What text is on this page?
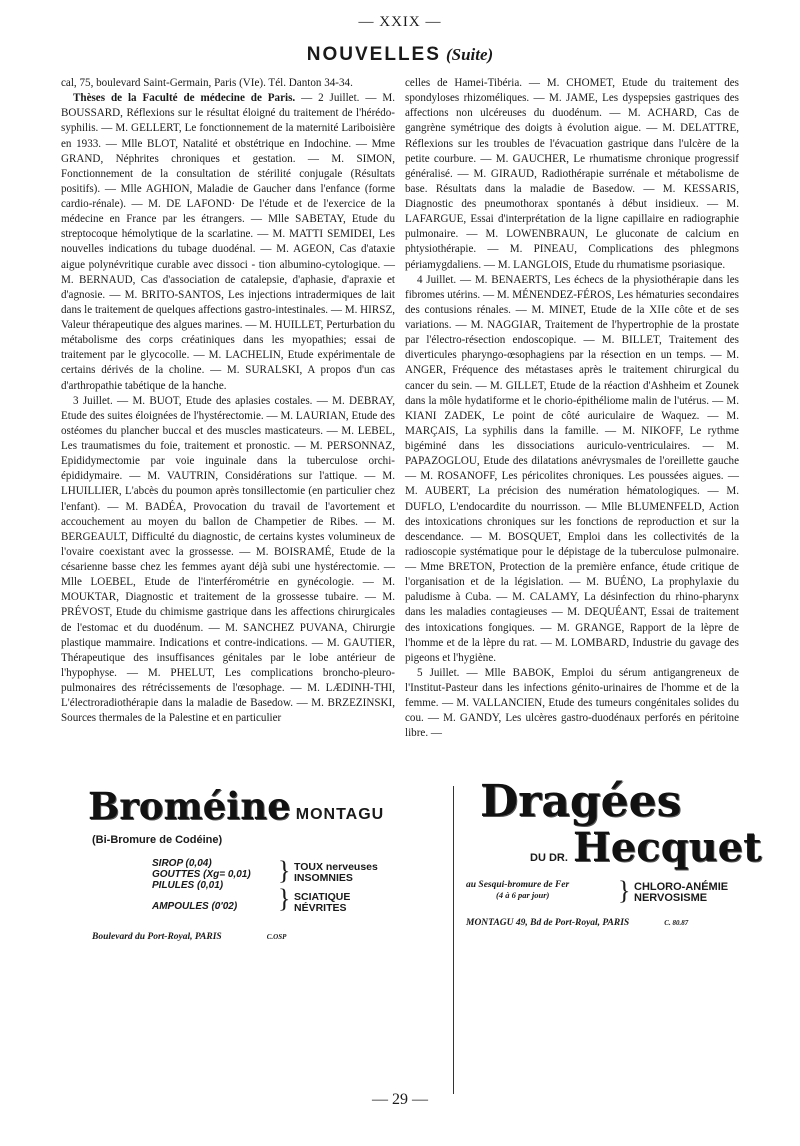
— XXIX —
NOUVELLES (Suite)

cal, 75, boulevard Saint-Germain, Paris (VIe). Tél. Danton 34-34.

Thèses de la Faculté de médecine de Paris. — 2 Juillet. — M. BOUSSARD, Réflexions sur le résultat éloigné du traitement de l'hérédo-syphilis. — M. GELLERT, Le fonctionnement de la maternité Lariboisière en 1933. — Mlle BLOT, Natalité et obstétrique en Indochine. — Mme GRAND, Néphrites chroniques et gestation. — M. SIMON, Fonctionnement de la consultation de stérilité conjugale (Résultats positifs). — Mlle AGHION, Maladie de Gaucher dans l'enfance (forme cardio-rénale). — M. DE LAFOND· De l'étude et de l'exercice de la médecine en France par les étrangers. — Mlle SABETAY, Etude du streptocoque hémolytique de la scarlatine. — M. MATTI SEMIDEI, Les nouvelles indications du tubage duodénal. — M. AGEON, Cas d'ataxie aigue polynévritique curable avec dissoci - tion albumino-cytologique. — M. BERNAUD, Cas d'association de catalepsie, d'aphasie, d'apraxie et d'agnosie. — M. BRITO-SANTOS, Les injections intradermiques de lait dans le traitement de quelques affections gastro-intestinales. — M. HIRSZ, Valeur thérapeutique des algues marines. — M. HUILLET, Perturbation du métabolisme des corps créatiniques dans les myopathies; essai de traitement par le glycocolle. — M. LACHELIN, Etude expérimentale de certains dérivés de la choline. — M. SURALSKI, A propos d'un cas d'arthropathie tabétique de la hanche.

3 Juillet. — M. BUOT, Etude des aplasies costales. — M. DEBRAY, Etude des suites éloignées de l'hystérectomie. — M. LAURIAN, Etude des ostéomes du plancher buccal et des muscles masticateurs. — M. LEBEL, Les traumatismes du foie, traitement et pronostic. — M. PERSONNAZ, Epididymectomie par voie inguinale dans la tuberculose orchi-épididymaire. — M. VAUTRIN, Considérations sur l'attique. — M. LHUILLIER, L'abcès du poumon après tonsillectomie (en particulier chez l'enfant). — M. BADÉA, Provocation du travail de l'avortement et accouchement au moyen du ballon de Champetier de Ribes. — M. BERGEAULT, Difficulté du diagnostic, de certains kystes volumineux de l'ovaire coexistant avec la grossesse. — M. BOISRAMÉ, Etude de la césarienne basse chez les femmes ayant déjà subi une hystérectomie. — Mlle LOEBEL, Etude de l'interférométrie en gynécologie. — M. MOUKTAR, Diagnostic et traitement de la grossesse tubaire. — M. PRÉVOST, Etude du chimisme gastrique dans les affections chirurgicales de l'estomac et du duodénum. — M. SANCHEZ PUVANA, Chirurgie plastique mammaire. Indications et contre-indications. — M. GAUTIER, Thérapeutique des insuffisances génitales par le lobe antérieur de l'hypophyse. — M. PHELUT, Les complications broncho-pleuro-pulmonaires des rétrécissements de l'œsophage. — M. LÆDINH-THI, L'électroradiothérapie dans la maladie de Basedow. — M. BRZEZINSKI, Sources thermales de la Palestine et en particulier

celles de Hamei-Tibéria. — M. CHOMET, Etude du traitement des spondyloses rhizoméliques. — M. JAME, Les dyspepsies gastriques des affections non ulcéreuses du duodénum. — M. ACHARD, Cas de gangrène symétrique des doigts à évolution aigue. — M. DELATTRE, Réflexions sur les troubles de l'évacuation gastrique dans l'ulcère de la petite courbure. — M. GAUCHER, Le rhumatisme chronique progressif généralisé. — M. GIRAUD, Radiothérapie surrénale et métabolisme de base. Résultats dans la maladie de Basedow. — M. KESSARIS, Diagnostic des pneumothorax spontanés à début insidieux. — M. LAFARGUE, Essai d'interprétation de la ligne capillaire en radiographie pulmonaire. — M. LOWENBRAUN, Le gluconate de calcium en phtysiothérapie. — M. PINEAU, Complications des phlegmons périamygdaliens. — M. LANGLOIS, Etude du rhumatisme psoriasique.

4 Juillet. — M. BENAERTS, Les échecs de la physiothérapie dans les fibromes utérins. — M. MÉNENDEZ-FÉROS, Les hématuries secondaires des contusions rénales. — M. MINET, Etude de la XIIe côte et de ses variations. — M. NAGGIAR, Traitement de l'hypertrophie de la prostate par l'électro-résection endoscopique. — M. BILLET, Traitement des diverticules pharyngo-œsophagiens par la résection en un temps. — M. ANGER, Fréquence des métastases après le traitement chirurgical du cancer du sein. — M. GILLET, Etude de la réaction d'Ashheim et Zounek dans la môle hydatiforme et le chorio-épithéliome malin de l'utérus. — M. KIANI ZADEK, Le point de côté auriculaire de Waquez. — M. MARÇAIS, La syphilis dans la famille. — M. NIKOFF, Le rythme bigéminé dans les dissociations auriculo-ventriculaires. — M. PAPAZOGLOU, Etude des dilatations anévrysmales de l'oreillette gauche — M. ROSANOFF, Les péricolites chroniques. Les poussées aigues. — M. AUBERT, La précision des numération hématologiques. — M. DUFLO, L'endocardite du nourrisson. — Mlle BLUMENFELD, Action des intoxications chroniques sur les fonctions de reproduction et sur la descendance. — M. BOSQUET, Emploi dans les collectivités de la radioscopie systématique pour le dépistage de la tuberculose pulmonaire. — Mme BRETON, Protection de la première enfance, étude critique de l'organisation et de la législation. — M. BUÉNO, La prophylaxie du paludisme à Cuba. — M. CALAMY, La désinfection du rhino-pharynx dans les maladies contagieuses — M. DEQUÉANT, Essai de traitement des intoxications fongiques. — M. GRANGE, Rapport de la lèpre de l'homme et de la lèpre du rat. — M. LOMBARD, Industrie du gavage des pigeons et l'hygiène.

5 Juillet. — Mlle BABOK, Emploi du sérum antigangreneux de l'Institut-Pasteur dans les infections génito-urinaires de l'homme et de la femme. — M. VALLANCIEN, Etude des tumeurs congénitales solides du cou. — M. GANDY, Les ulcères gastro-duodénaux perforés en péritoine libre. —

Broméine MONTAGU
(Bi-Bromure de Codéine)
SIROP (0,04)
GOUTTES (Xg= 0,01)
PILULES (0,01)
AMPOULES (0'02)
} TOUX nerveuses
INSOMNIES
} SCIATIQUE
NÉVRITES
Boulevard du Port-Royal, PARIS	C.OSP
Dragées
DU DR. Hecquet
au Sesqui-bromure de Fer
(4 à 6 par jour)	} CHLORO-ANÉMIE
NERVOSISME
MONTAGU 49, Bd de Port-Royal, PARIS	C. 80.87
— 29 —
